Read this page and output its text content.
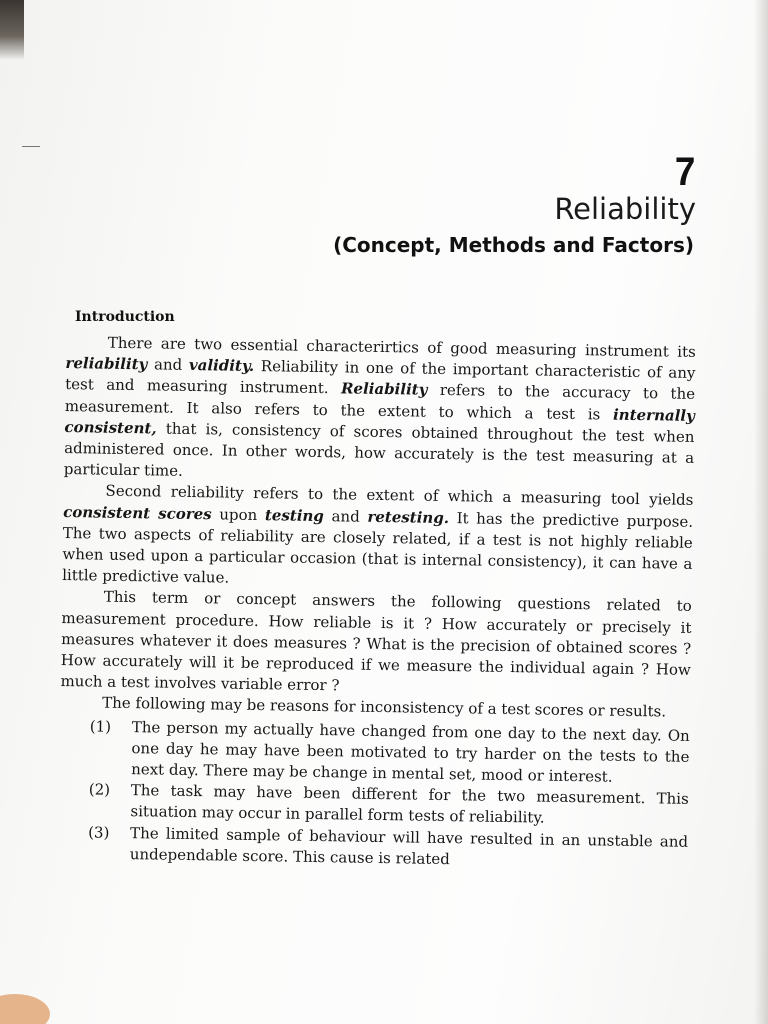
7
Reliability
(Concept, Methods and Factors)
Introduction

There are two essential characterirtics of good measuring instrument its reliability and validity. Reliability in one of the important characteristic of any test and measuring instrument. Reliability refers to the accuracy to the measurement. It also refers to the extent to which a test is internally consistent, that is, consistency of scores obtained throughout the test when administered once. In other words, how accurately is the test measuring at a particular time.

Second reliability refers to the extent of which a measuring tool yields consistent scores upon testing and retesting. It has the predictive purpose. The two aspects of reliability are closely related, if a test is not highly reliable when used upon a particular occasion (that is internal consistency), it can have a little predictive value.

This term or concept answers the following questions related to measurement procedure. How reliable is it ? How accurately or precisely it measures whatever it does measures ? What is the precision of obtained scores ? How accurately will it be reproduced if we measure the individual again ? How much a test involves variable error ?

The following may be reasons for inconsistency of a test scores or results.

(1) The person my actually have changed from one day to the next day. On one day he may have been motivated to try harder on the tests to the next day. There may be change in mental set, mood or interest.
(2) The task may have been different for the two measurement. This situation may occur in parallel form tests of reliability.
(3) The limited sample of behaviour will have resulted in an unstable and undependable score. This cause is related
